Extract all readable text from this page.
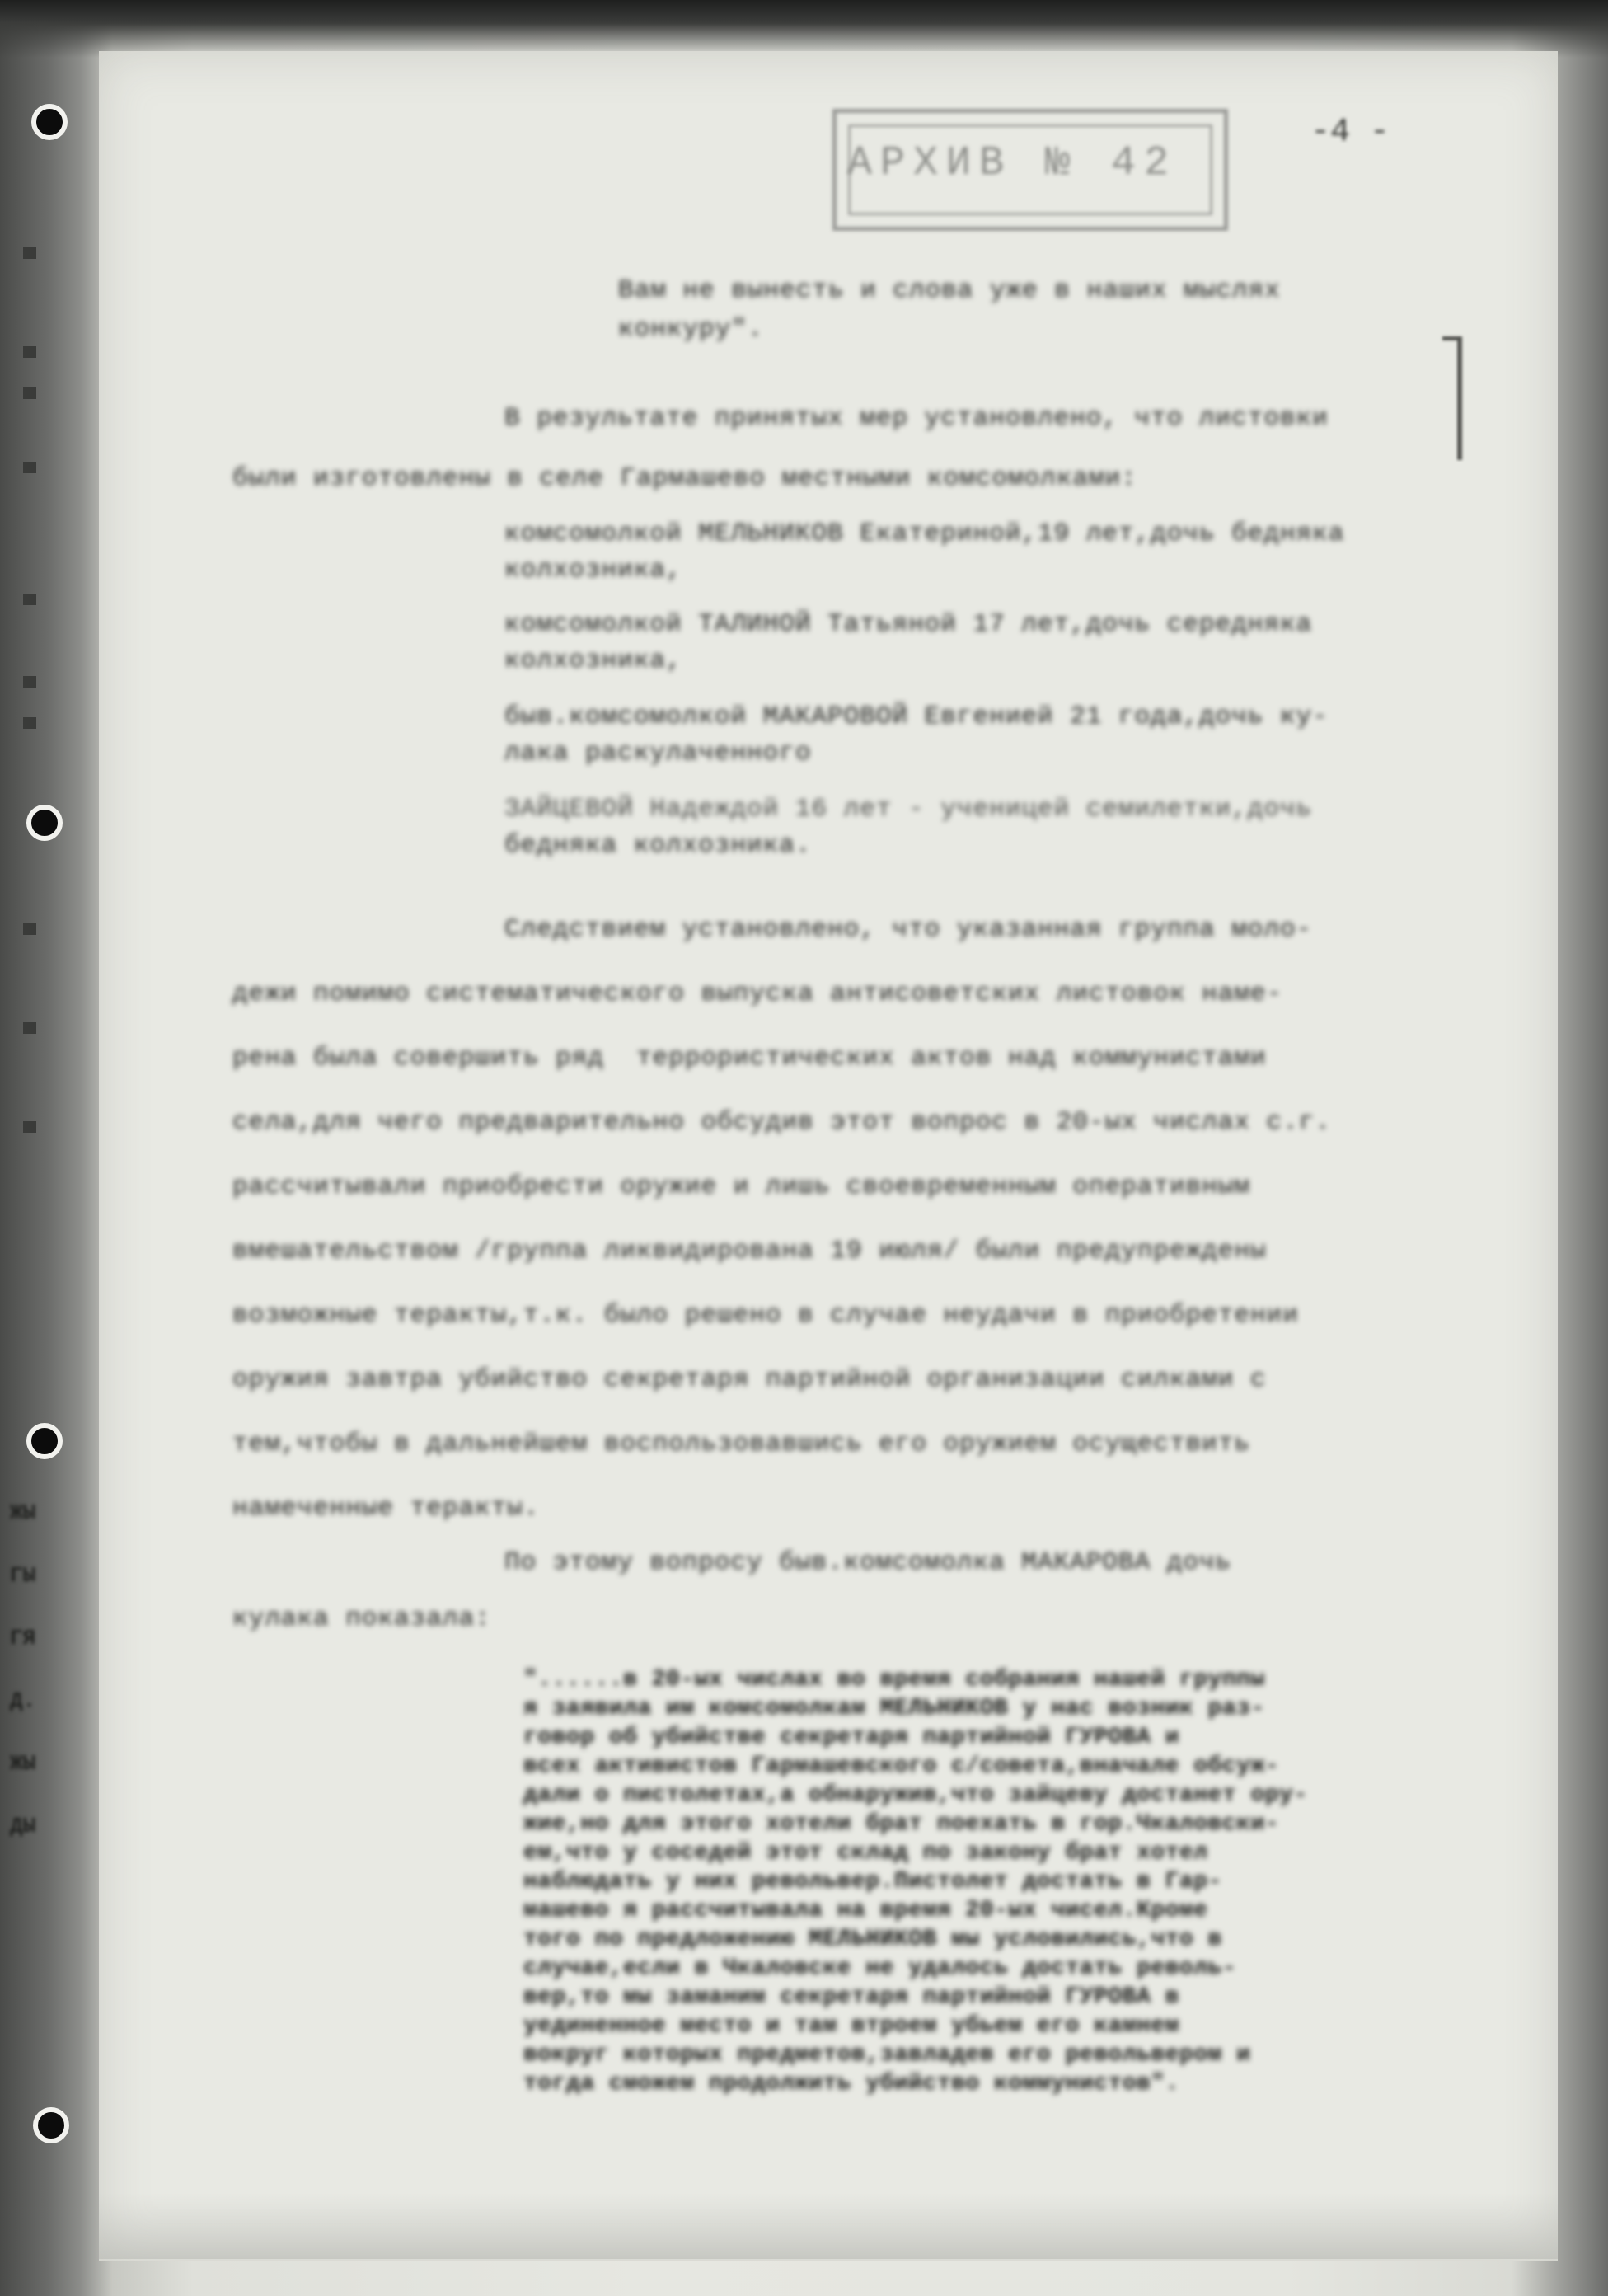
ЖЫ
ГЫ
ГЯ
Д.
ЖЫ
ДЫ
АРХИВ № 42
-4 -
Вам не вынесть и слова уже в наших мыслях
конкуру".
В результате принятых мер установлено, что листовки
были изготовлены в селе Гармашево местными комсомолками:
комсомолкой МЕЛЬНИКОВ Екатериной,19 лет,дочь бедняка
колхозника,
комсомолкой ТАЛИНОЙ Татьяной 17 лет,дочь середняка
колхозника,
быв.комсомолкой МАКАРОВОЙ Евгенией 21 года,дочь ку-
лака раскулаченного
ЗАЙЦЕВОЙ Надеждой 16 лет - ученицей семилетки,дочь
бедняка колхозника.
Следствием установлено, что указанная группа моло-
дежи помимо систематического выпуска антисоветских листовок наме-
рена была совершить ряд  террористических актов над коммунистами
села,для чего предварительно обсудив этот вопрос в 20-ых числах с.г.
рассчитывали приобрести оружие и лишь своевременным оперативным
вмешательством /группа ликвидирована 19 июля/ были предупреждены
возможные теракты,т.к. было решено в случае неудачи в приобретении
оружия завтра убийство секретаря партийной организации силками с
тем,чтобы в дальнейшем воспользовавшись его оружием осуществить
намеченные теракты.
По этому вопросу быв.комсомолка МАКАРОВА дочь
кулака показала:
"......в 20-ых числах во время собрания нашей группы
я заявила им комсомолкам МЕЛЬНИКОВ у нас возник раз-
говор об убийстве секретаря партийной ГУРОВА и
всех активистов Гармашевского с/совета,вначале обсуж-
дали о пистолетах,а обнаружив,что зайцеву достанет ору-
жие,но для этого хотели брат поехать в гор.Чкаловски-
ем,что у соседей этот склад по закону брат хотел
наблюдать у них револьвер.Пистолет достать в Гар-
машево я рассчитывала на время 20-ых чисел.Кроме
того по предложению МЕЛЬНИКОВ мы условились,что в
случае,если в Чкаловске не удалось достать револь-
вер,то мы заманим секретаря партийной ГУРОВА в
уединенное место и там втроем убьем его камнем
вокруг которых предметов,завладев его револьвером и
тогда сможем продолжить убийство коммунистов".
